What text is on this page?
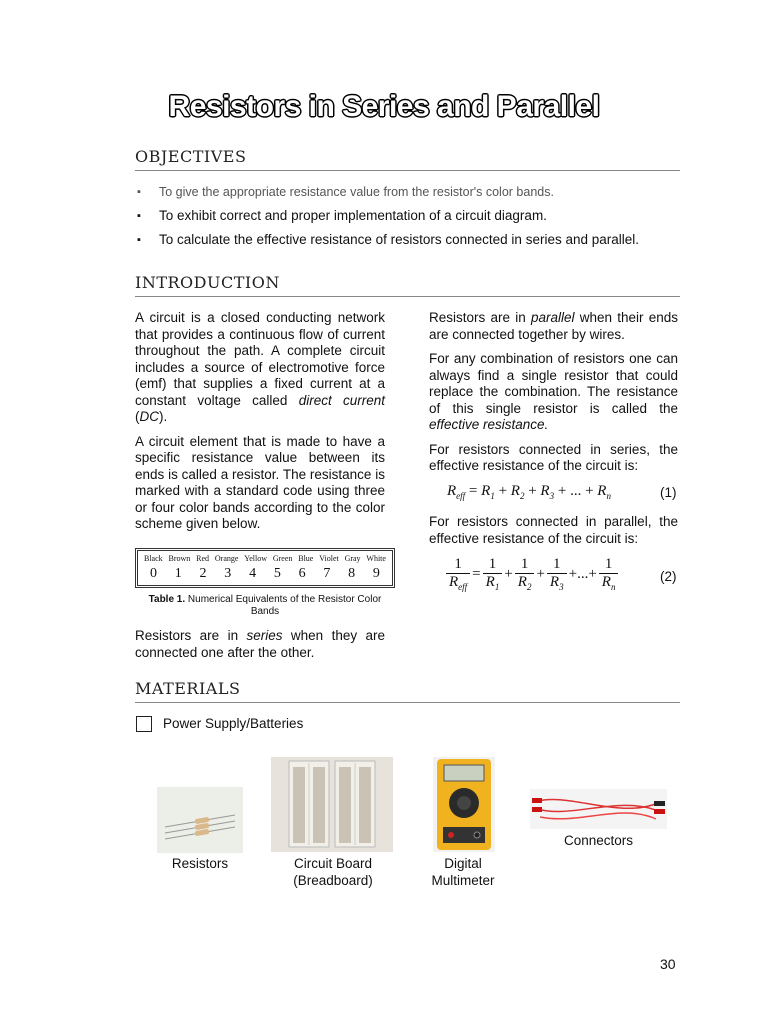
Resistors in Series and Parallel
OBJECTIVES
▪ To give the appropriate resistance value from the resistor's color bands.
▪ To exhibit correct and proper implementation of a circuit diagram.
▪ To calculate the effective resistance of resistors connected in series and parallel.
INTRODUCTION

A circuit is a closed conducting network that provides a continuous flow of current throughout the path. A complete circuit includes a source of electromotive force (emf) that supplies a fixed current at a constant voltage called direct current (DC).

A circuit element that is made to have a specific resistance value between its ends is called a resistor. The resistance is marked with a standard code using three or four color bands according to the color scheme given below.

Black Brown Red Orange Yellow Green Blue Violet Gray White
0 1 2 3 4 5 6 7 8 9
Table 1. Numerical Equivalents of the Resistor Color Bands

Resistors are in series when they are connected one after the other.

Resistors are in parallel when their ends are connected together by wires.

For any combination of resistors one can always find a single resistor that could replace the combination. The resistance of this single resistor is called the effective resistance.

For resistors connected in series, the effective resistance of the circuit is:

$R_{eff} = R_1 + R_2 + R_3$ + ... + $R_n$	(1)

For resistors connected in parallel, the effective resistance of the circuit is:

$\frac{1}{R_{eff}} = \frac{1}{R_1} + \frac{1}{R_2} + \frac{1}{R_3}$ + ... + $\frac{1}{R_n}$	(2)
MATERIALS
Power Supply/Batteries
Resistors	Circuit Board
(Breadboard)
Digital
Multimeter
Connectors
30
